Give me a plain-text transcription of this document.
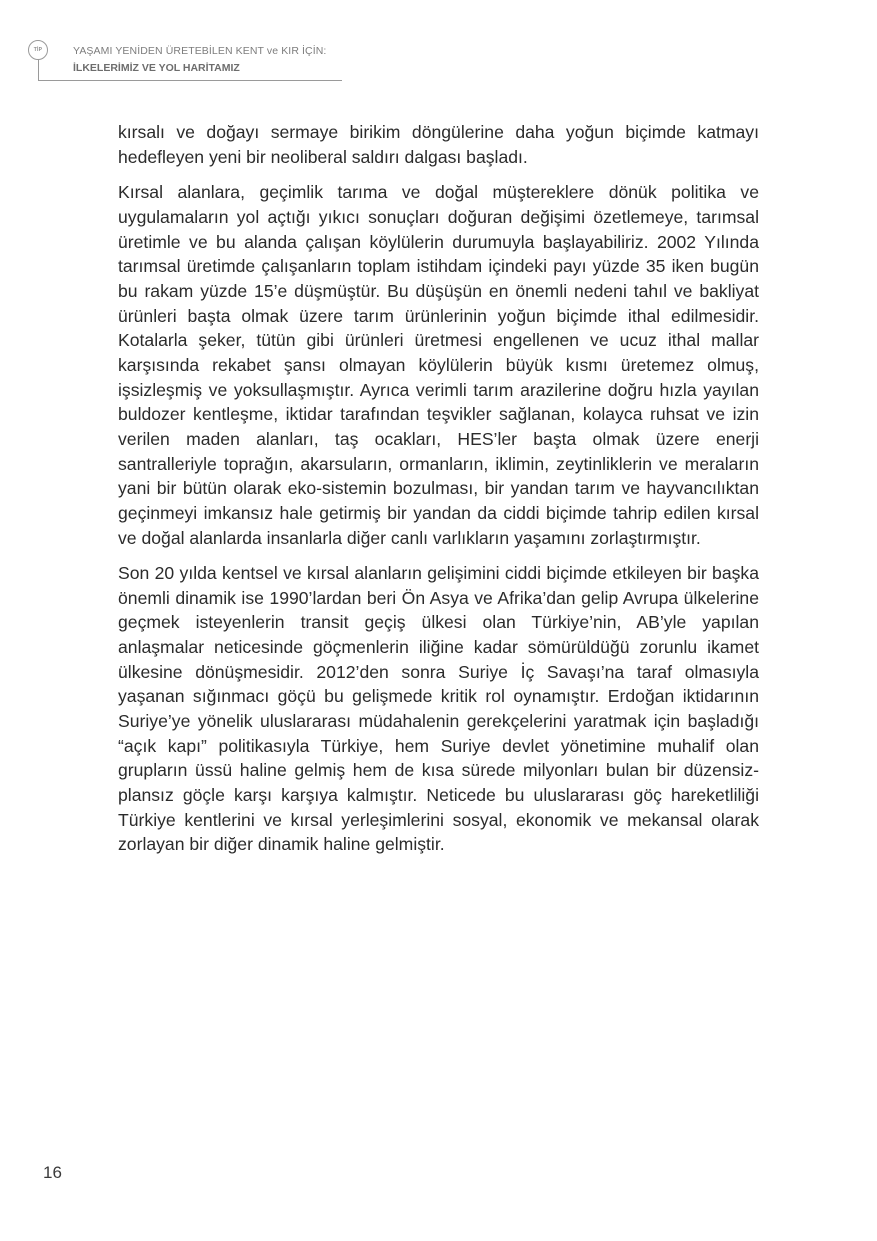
TİP	YAŞAMI YENİDEN ÜRETEBİLEN KENT ve KIR İÇİN:
İLKELERİMİZ VE YOL HARİTAMIZ

kırsalı ve doğayı sermaye birikim döngülerine daha yoğun biçimde katmayı hedefleyen yeni bir neoliberal saldırı dalgası başladı.

Kırsal alanlara, geçimlik tarıma ve doğal müştereklere dönük politika ve uygulamaların yol açtığı yıkıcı sonuçları doğuran değişimi özetlemeye, tarımsal üretimle ve bu alanda çalışan köylülerin durumuyla başlayabiliriz. 2002 Yılında tarımsal üretimde çalışanların toplam istihdam içindeki payı yüzde 35 iken bugün bu rakam yüzde 15’e düşmüştür. Bu düşüşün en önemli nedeni tahıl ve bakliyat ürünleri başta olmak üzere tarım ürünlerinin yoğun biçimde ithal edilmesidir. Kotalarla şeker, tütün gibi ürünleri üretmesi engellenen ve ucuz ithal mallar karşısında rekabet şansı olmayan köylülerin büyük kısmı üretemez olmuş, işsizleşmiş ve yoksullaşmıştır. Ayrıca verimli tarım arazilerine doğru hızla yayılan buldozer kentleşme, iktidar tarafından teşvikler sağlanan, kolayca ruhsat ve izin verilen maden alanları, taş ocakları, HES’ler başta olmak üzere enerji santralleriyle toprağın, akarsuların, ormanların, iklimin, zeytinliklerin ve meraların yani bir bütün olarak eko-sistemin bozulması, bir yandan tarım ve hayvancılıktan geçinmeyi imkansız hale getirmiş bir yandan da ciddi biçimde tahrip edilen kırsal ve doğal alanlarda insanlarla diğer canlı varlıkların yaşamını zorlaştırmıştır.

Son 20 yılda kentsel ve kırsal alanların gelişimini ciddi biçimde etkileyen bir başka önemli dinamik ise 1990’lardan beri Ön Asya ve Afrika’dan gelip Avrupa ülkelerine geçmek isteyenlerin transit geçiş ülkesi olan Türkiye’nin, AB’yle yapılan anlaşmalar neticesinde göçmenlerin iliğine kadar sömürüldüğü zorunlu ikamet ülkesine dönüşmesidir. 2012’den sonra Suriye İç Savaşı’na taraf olmasıyla yaşanan sığınmacı göçü bu gelişmede kritik rol oynamıştır. Erdoğan iktidarının Suriye’ye yönelik uluslararası müdahalenin gerekçelerini yaratmak için başladığı “açık kapı” politikasıyla Türkiye, hem Suriye devlet yönetimine muhalif olan grupların üssü haline gelmiş hem de kısa sürede milyonları bulan bir düzensiz-plansız göçle karşı karşıya kalmıştır. Neticede bu uluslararası göç hareketliliği Türkiye kentlerini ve kırsal yerleşimlerini sosyal, ekonomik ve mekansal olarak zorlayan bir diğer dinamik haline gelmiştir.

16
